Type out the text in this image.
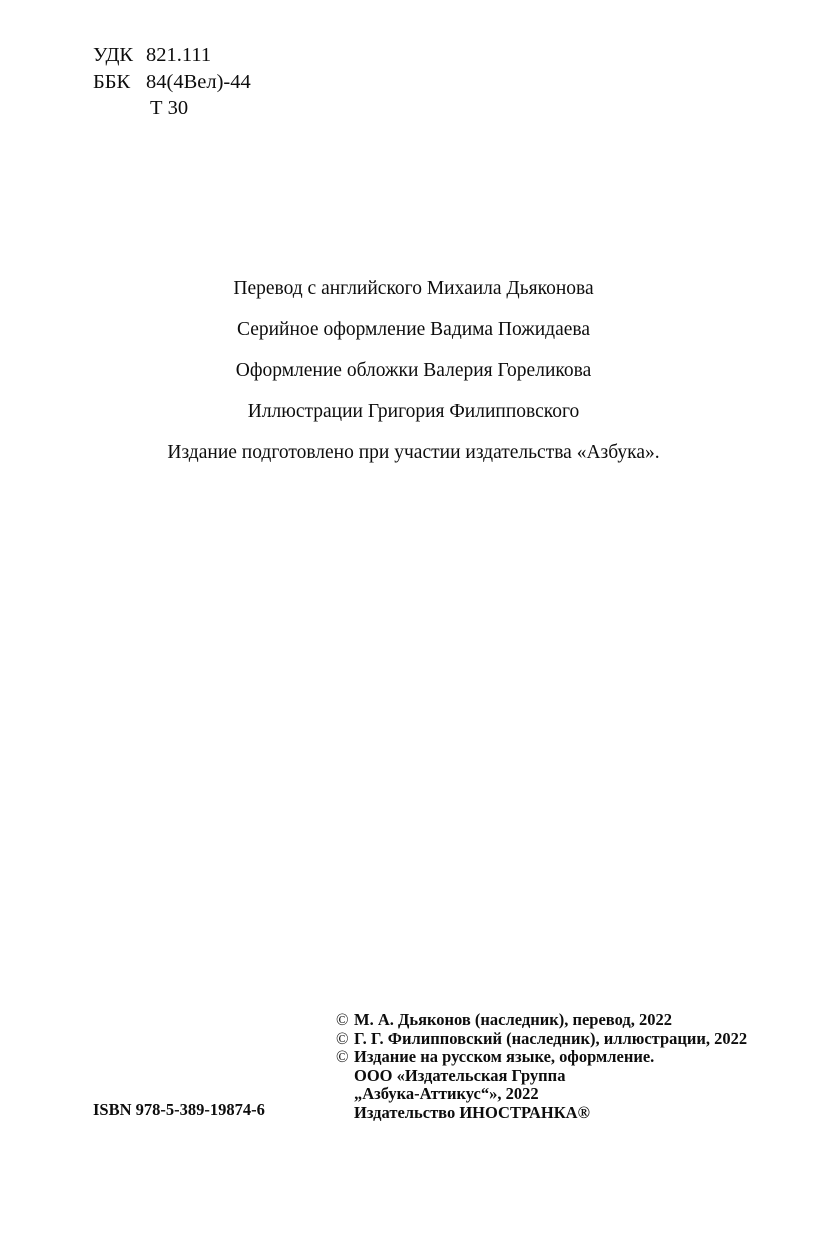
УДК 821.111
ББК 84(4Вел)-44
Т 30
Перевод с английского Михаила Дьяконова
Серийное оформление Вадима Пожидаева
Оформление обложки Валерия Гореликова
Иллюстрации Григория Филипповского
Издание подготовлено при участии издательства «Азбука».
© М. А. Дьяконов (наследник), перевод, 2022
© Г. Г. Филипповский (наследник), иллюстрации, 2022
© Издание на русском языке, оформление.
ООО «Издательская Группа
„Азбука-Аттикус“», 2022
Издательство ИНОСТРАНКА®
ISBN 978-5-389-19874-6
